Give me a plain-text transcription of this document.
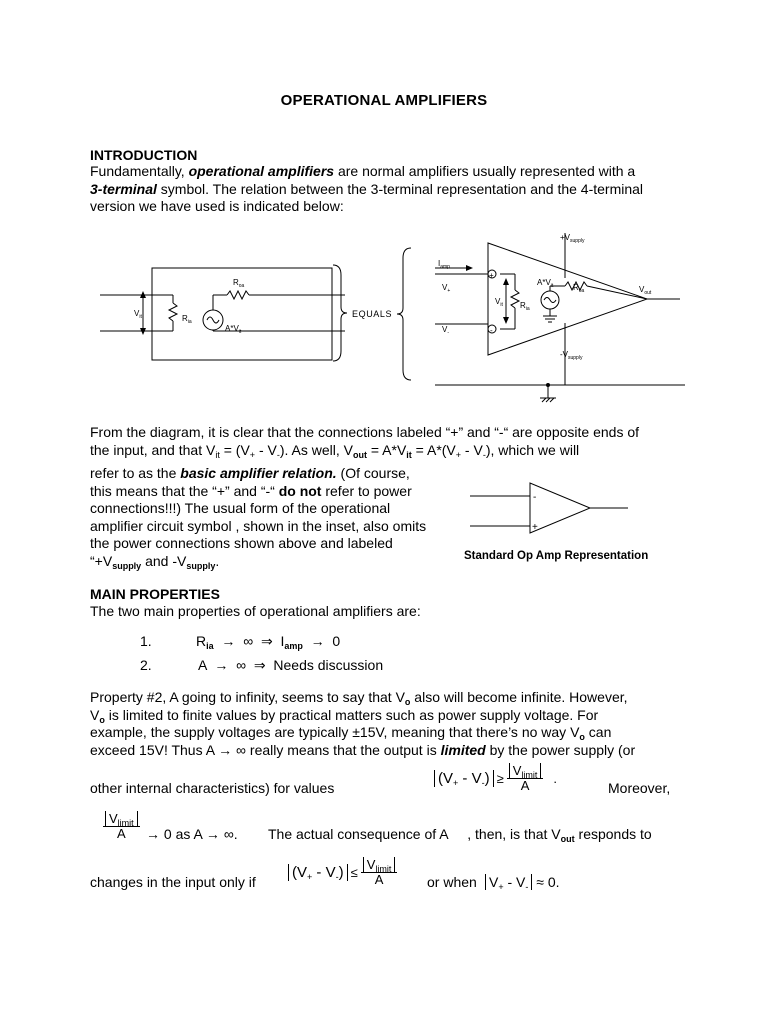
OPERATIONAL AMPLIFIERS
INTRODUCTION
Fundamentally, operational amplifiers are normal amplifiers usually represented with a
3-terminal symbol. The relation between the 3-terminal representation and the 4-terminal
version we have used is indicated below:
$V_{it}$	$R_{ia}$
$R_{oa}$
$A*V_{it}$
EQUALS
$I_{amp}$
$V_+$
$V_-$
+
-
$V_{it}$ $R_{ia}$
$A*V_{it}$ $R_{oa}$	$V_{out}$
$+V_{supply}$
$-V_{supply}$
From the diagram, it is clear that the connections labeled “+” and “-“ are opposite ends of
the input, and that $V_{it} = (V_+ - V_-)$. As well, $V_{out} = A*V_{it} = A*(V_+ - V_-)$, which we will
refer to as the basic amplifier relation. (Of course,
this means that the “+” and “-“ do not refer to power
connections!!!) The usual form of the operational
amplifier circuit symbol , shown in the inset, also omits
the power connections shown above and labeled
“$+V_{supply}$ and $-V_{supply}$.
-
+
Standard Op Amp Representation
MAIN PROPERTIES
The two main properties of operational amplifiers are:
1.	$R_{ia}$  →  ∞  ⇒  $I_{amp} \to 0$
2.	A  →  ∞  ⇒  Needs discussion
Property #2, A going to infinity, seems to say that $V_o$ also will become infinite. However,
$V_o$ is limited to finite values by practical matters such as power supply voltage. For
example, the supply voltages are typically ±15V, meaning that there’s no way $V_o$ can
exceed 15V! Thus A → ∞ really means that the output is limited by the power supply (or
other internal characteristics) for values
$(V_+ - V_-) \ge \frac{V_{limit}}{A}$ .
Moreover,
$\frac{V_{limit}}{A} \to 0$ as A → ∞. The actual consequence of A     , then, is that $V_{out}$ responds to
changes in the input only if
$(V_+ - V_-) \le \frac{V_{limit}}{A}$ or when $V_+ - V_- \approx 0$.
